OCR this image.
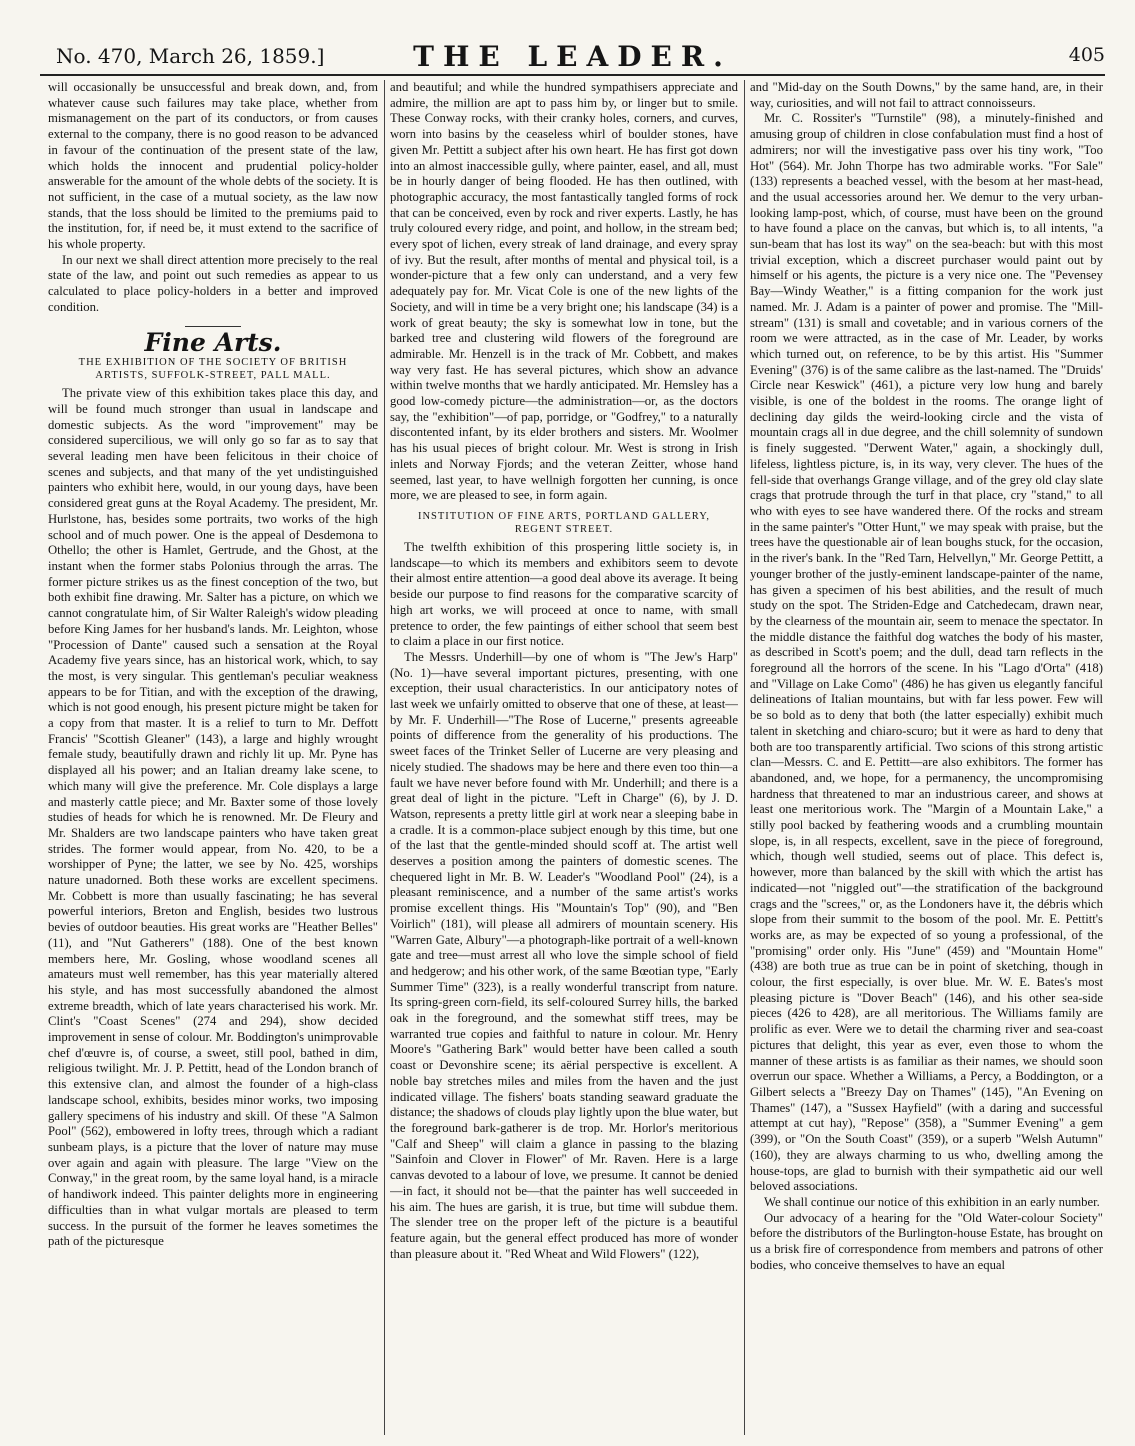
No. 470, March 26, 1859.]	THE LEADER.	405

will occasionally be unsuccessful and break down, and, from whatever cause such failures may take place, whether from mismanagement on the part of its conductors, or from causes external to the company, there is no good reason to be advanced in favour of the continuation of the present state of the law, which holds the innocent and prudential policy-holder answerable for the amount of the whole debts of the society. It is not sufficient, in the case of a mutual society, as the law now stands, that the loss should be limited to the premiums paid to the institution, for, if need be, it must extend to the sacrifice of his whole property.

In our next we shall direct attention more precisely to the real state of the law, and point out such remedies as appear to us calculated to place policy-holders in a better and improved condition.

Fine Arts.
THE EXHIBITION OF THE SOCIETY OF BRITISH ARTISTS, SUFFOLK-STREET, PALL MALL.

The private view of this exhibition takes place this day, and will be found much stronger than usual in landscape and domestic subjects. As the word "improvement" may be considered supercilious, we will only go so far as to say that several leading men have been felicitous in their choice of scenes and subjects, and that many of the yet undistinguished painters who exhibit here, would, in our young days, have been considered great guns at the Royal Academy. The president, Mr. Hurlstone, has, besides some portraits, two works of the high school and of much power. One is the appeal of Desdemona to Othello; the other is Hamlet, Gertrude, and the Ghost, at the instant when the former stabs Polonius through the arras. The former picture strikes us as the finest conception of the two, but both exhibit fine drawing. Mr. Salter has a picture, on which we cannot congratulate him, of Sir Walter Raleigh's widow pleading before King James for her husband's lands. Mr. Leighton, whose "Procession of Dante" caused such a sensation at the Royal Academy five years since, has an historical work, which, to say the most, is very singular. This gentleman's peculiar weakness appears to be for Titian, and with the exception of the drawing, which is not good enough, his present picture might be taken for a copy from that master. It is a relief to turn to Mr. Deffott Francis' "Scottish Gleaner" (143), a large and highly wrought female study, beautifully drawn and richly lit up. Mr. Pyne has displayed all his power; and an Italian dreamy lake scene, to which many will give the preference. Mr. Cole displays a large and masterly cattle piece; and Mr. Baxter some of those lovely studies of heads for which he is renowned. Mr. De Fleury and Mr. Shalders are two landscape painters who have taken great strides. The former would appear, from No. 420, to be a worshipper of Pyne; the latter, we see by No. 425, worships nature unadorned. Both these works are excellent specimens. Mr. Cobbett is more than usually fascinating; he has several powerful interiors, Breton and English, besides two lustrous bevies of outdoor beauties. His great works are "Heather Belles" (11), and "Nut Gatherers" (188). One of the best known members here, Mr. Gosling, whose woodland scenes all amateurs must well remember, has this year materially altered his style, and has most successfully abandoned the almost extreme breadth, which of late years characterised his work. Mr. Clint's "Coast Scenes" (274 and 294), show decided improvement in sense of colour. Mr. Boddington's unimprovable chef d'œuvre is, of course, a sweet, still pool, bathed in dim, religious twilight. Mr. J. P. Pettitt, head of the London branch of this extensive clan, and almost the founder of a high-class landscape school, exhibits, besides minor works, two imposing gallery specimens of his industry and skill. Of these "A Salmon Pool" (562), embowered in lofty trees, through which a radiant sunbeam plays, is a picture that the lover of nature may muse over again and again with pleasure. The large "View on the Conway," in the great room, by the same loyal hand, is a miracle of handiwork indeed. This painter delights more in engineering difficulties than in what vulgar mortals are pleased to term success. In the pursuit of the former he leaves sometimes the path of the picturesque

and beautiful; and while the hundred sympathisers appreciate and admire, the million are apt to pass him by, or linger but to smile. These Conway rocks, with their cranky holes, corners, and curves, worn into basins by the ceaseless whirl of boulder stones, have given Mr. Pettitt a subject after his own heart. He has first got down into an almost inaccessible gully, where painter, easel, and all, must be in hourly danger of being flooded. He has then outlined, with photographic accuracy, the most fantastically tangled forms of rock that can be conceived, even by rock and river experts. Lastly, he has truly coloured every ridge, and point, and hollow, in the stream bed; every spot of lichen, every streak of land drainage, and every spray of ivy. But the result, after months of mental and physical toil, is a wonder-picture that a few only can understand, and a very few adequately pay for. Mr. Vicat Cole is one of the new lights of the Society, and will in time be a very bright one; his landscape (34) is a work of great beauty; the sky is somewhat low in tone, but the barked tree and clustering wild flowers of the foreground are admirable. Mr. Henzell is in the track of Mr. Cobbett, and makes way very fast. He has several pictures, which show an advance within twelve months that we hardly anticipated. Mr. Hemsley has a good low-comedy picture—the administration—or, as the doctors say, the "exhibition"—of pap, porridge, or "Godfrey," to a naturally discontented infant, by its elder brothers and sisters. Mr. Woolmer has his usual pieces of bright colour. Mr. West is strong in Irish inlets and Norway Fjords; and the veteran Zeitter, whose hand seemed, last year, to have wellnigh forgotten her cunning, is once more, we are pleased to see, in form again.

INSTITUTION OF FINE ARTS, PORTLAND GALLERY, REGENT STREET.

The twelfth exhibition of this prospering little society is, in landscape—to which its members and exhibitors seem to devote their almost entire attention—a good deal above its average. It being beside our purpose to find reasons for the comparative scarcity of high art works, we will proceed at once to name, with small pretence to order, the few paintings of either school that seem best to claim a place in our first notice.

The Messrs. Underhill—by one of whom is "The Jew's Harp" (No. 1)—have several important pictures, presenting, with one exception, their usual characteristics. In our anticipatory notes of last week we unfairly omitted to observe that one of these, at least—by Mr. F. Underhill—"The Rose of Lucerne," presents agreeable points of difference from the generality of his productions. The sweet faces of the Trinket Seller of Lucerne are very pleasing and nicely studied. The shadows may be here and there even too thin—a fault we have never before found with Mr. Underhill; and there is a great deal of light in the picture. "Left in Charge" (6), by J. D. Watson, represents a pretty little girl at work near a sleeping babe in a cradle. It is a common-place subject enough by this time, but one of the last that the gentle-minded should scoff at. The artist well deserves a position among the painters of domestic scenes. The chequered light in Mr. B. W. Leader's "Woodland Pool" (24), is a pleasant reminiscence, and a number of the same artist's works promise excellent things. His "Mountain's Top" (90), and "Ben Voirlich" (181), will please all admirers of mountain scenery. His "Warren Gate, Albury"—a photograph-like portrait of a well-known gate and tree—must arrest all who love the simple school of field and hedgerow; and his other work, of the same Bœotian type, "Early Summer Time" (323), is a really wonderful transcript from nature. Its spring-green corn-field, its self-coloured Surrey hills, the barked oak in the foreground, and the somewhat stiff trees, may be warranted true copies and faithful to nature in colour. Mr. Henry Moore's "Gathering Bark" would better have been called a south coast or Devonshire scene; its aërial perspective is excellent. A noble bay stretches miles and miles from the haven and the just indicated village. The fishers' boats standing seaward graduate the distance; the shadows of clouds play lightly upon the blue water, but the foreground bark-gatherer is de trop. Mr. Horlor's meritorious "Calf and Sheep" will claim a glance in passing to the blazing "Sainfoin and Clover in Flower" of Mr. Raven. Here is a large canvas devoted to a labour of love, we presume. It cannot be denied—in fact, it should not be—that the painter has well succeeded in his aim. The hues are garish, it is true, but time will subdue them. The slender tree on the proper left of the picture is a beautiful feature again, but the general effect produced has more of wonder than pleasure about it. "Red Wheat and Wild Flowers" (122),

and "Mid-day on the South Downs," by the same hand, are, in their way, curiosities, and will not fail to attract connoisseurs.

Mr. C. Rossiter's "Turnstile" (98), a minutely-finished and amusing group of children in close confabulation must find a host of admirers; nor will the investigative pass over his tiny work, "Too Hot" (564). Mr. John Thorpe has two admirable works. "For Sale" (133) represents a beached vessel, with the besom at her mast-head, and the usual accessories around her. We demur to the very urban-looking lamp-post, which, of course, must have been on the ground to have found a place on the canvas, but which is, to all intents, "a sun-beam that has lost its way" on the sea-beach: but with this most trivial exception, which a discreet purchaser would paint out by himself or his agents, the picture is a very nice one. The "Pevensey Bay—Windy Weather," is a fitting companion for the work just named. Mr. J. Adam is a painter of power and promise. The "Mill-stream" (131) is small and covetable; and in various corners of the room we were attracted, as in the case of Mr. Leader, by works which turned out, on reference, to be by this artist. His "Summer Evening" (376) is of the same calibre as the last-named. The "Druids' Circle near Keswick" (461), a picture very low hung and barely visible, is one of the boldest in the rooms. The orange light of declining day gilds the weird-looking circle and the vista of mountain crags all in due degree, and the chill solemnity of sundown is finely suggested. "Derwent Water," again, a shockingly dull, lifeless, lightless picture, is, in its way, very clever. The hues of the fell-side that overhangs Grange village, and of the grey old clay slate crags that protrude through the turf in that place, cry "stand," to all who with eyes to see have wandered there. Of the rocks and stream in the same painter's "Otter Hunt," we may speak with praise, but the trees have the questionable air of lean boughs stuck, for the occasion, in the river's bank. In the "Red Tarn, Helvellyn," Mr. George Pettitt, a younger brother of the justly-eminent landscape-painter of the name, has given a specimen of his best abilities, and the result of much study on the spot. The Striden-Edge and Catchedecam, drawn near, by the clearness of the mountain air, seem to menace the spectator. In the middle distance the faithful dog watches the body of his master, as described in Scott's poem; and the dull, dead tarn reflects in the foreground all the horrors of the scene. In his "Lago d'Orta" (418) and "Village on Lake Como" (486) he has given us elegantly fanciful delineations of Italian mountains, but with far less power. Few will be so bold as to deny that both (the latter especially) exhibit much talent in sketching and chiaro-scuro; but it were as hard to deny that both are too transparently artificial. Two scions of this strong artistic clan—Messrs. C. and E. Pettitt—are also exhibitors. The former has abandoned, and, we hope, for a permanency, the uncompromising hardness that threatened to mar an industrious career, and shows at least one meritorious work. The "Margin of a Mountain Lake," a stilly pool backed by feathering woods and a crumbling mountain slope, is, in all respects, excellent, save in the piece of foreground, which, though well studied, seems out of place. This defect is, however, more than balanced by the skill with which the artist has indicated—not "niggled out"—the stratification of the background crags and the "screes," or, as the Londoners have it, the débris which slope from their summit to the bosom of the pool. Mr. E. Pettitt's works are, as may be expected of so young a professional, of the "promising" order only. His "June" (459) and "Mountain Home" (438) are both true as true can be in point of sketching, though in colour, the first especially, is over blue. Mr. W. E. Bates's most pleasing picture is "Dover Beach" (146), and his other sea-side pieces (426 to 428), are all meritorious. The Williams family are prolific as ever. Were we to detail the charming river and sea-coast pictures that delight, this year as ever, even those to whom the manner of these artists is as familiar as their names, we should soon overrun our space. Whether a Williams, a Percy, a Boddington, or a Gilbert selects a "Breezy Day on Thames" (145), "An Evening on Thames" (147), a "Sussex Hayfield" (with a daring and successful attempt at cut hay), "Repose" (358), a "Summer Evening" a gem (399), or "On the South Coast" (359), or a superb "Welsh Autumn" (160), they are always charming to us who, dwelling among the house-tops, are glad to burnish with their sympathetic aid our well beloved associations.

We shall continue our notice of this exhibition in an early number.

Our advocacy of a hearing for the "Old Water-colour Society" before the distributors of the Burlington-house Estate, has brought on us a brisk fire of correspondence from members and patrons of other bodies, who conceive themselves to have an equal
